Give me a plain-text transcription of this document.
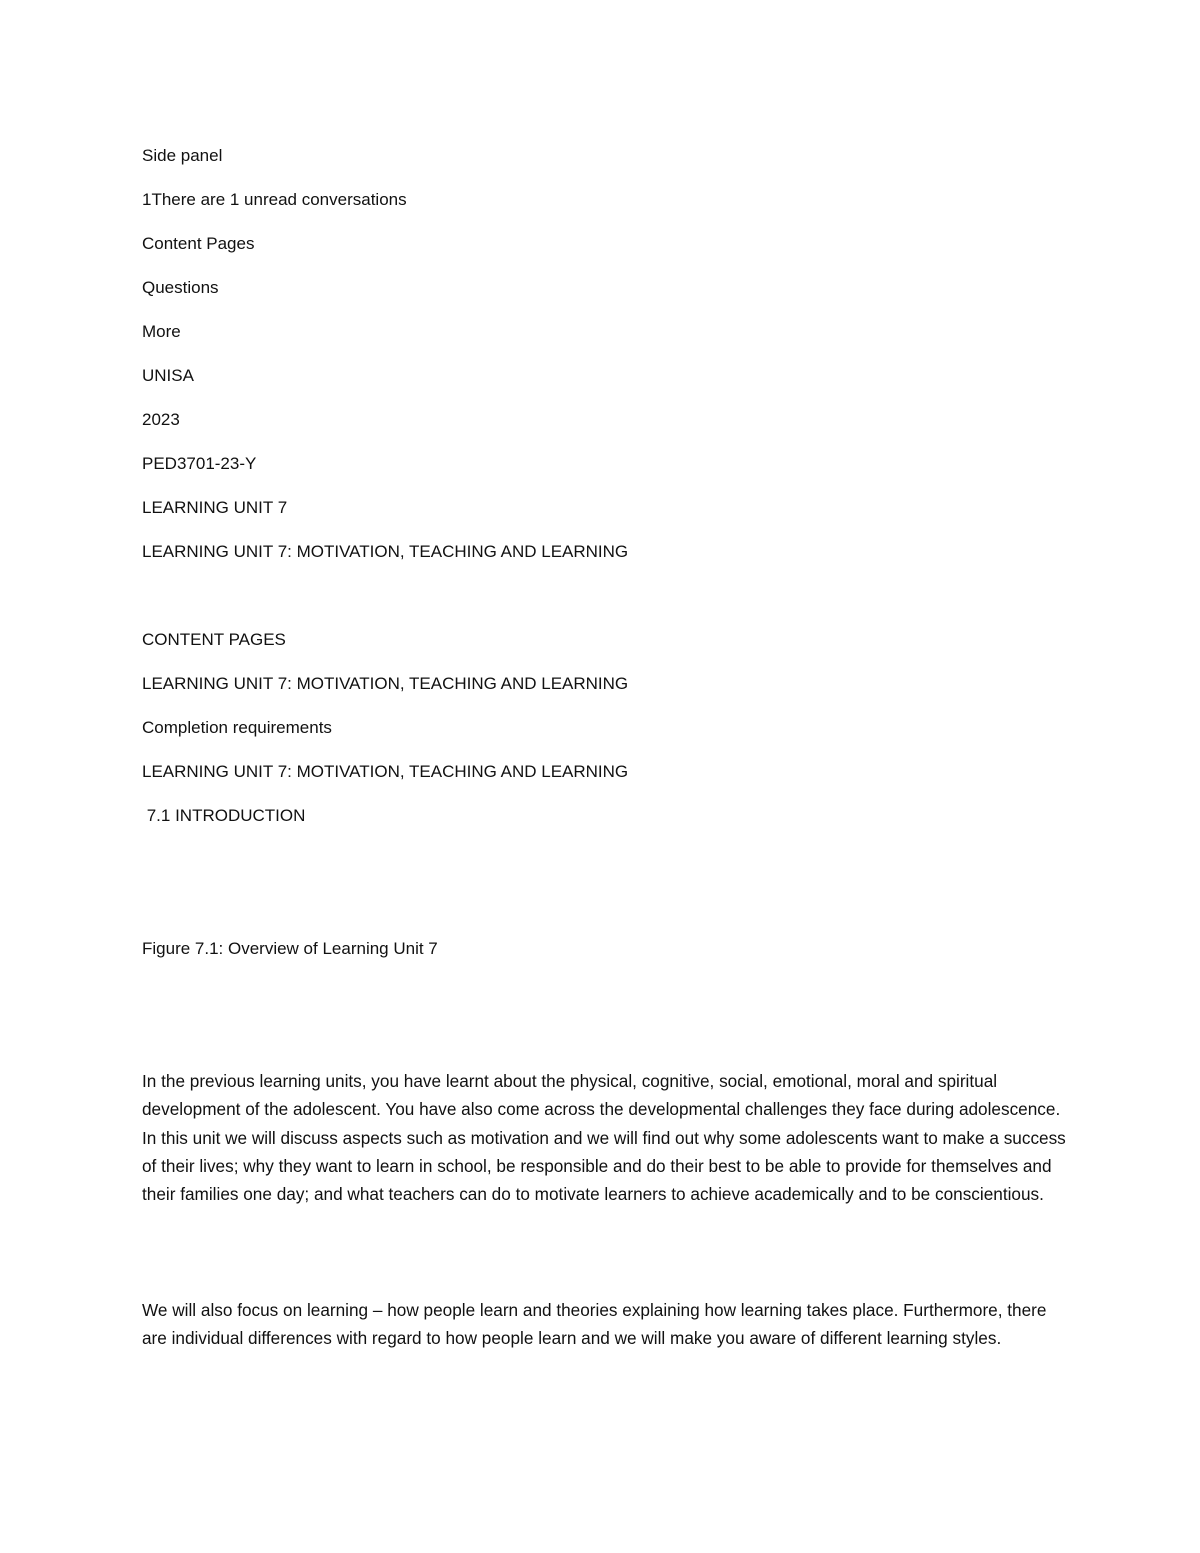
Side panel
1There are 1 unread conversations
Content Pages
Questions
More
UNISA
2023
PED3701-23-Y
LEARNING UNIT 7
LEARNING UNIT 7: MOTIVATION, TEACHING AND LEARNING
CONTENT PAGES
LEARNING UNIT 7: MOTIVATION, TEACHING AND LEARNING
Completion requirements
LEARNING UNIT 7: MOTIVATION, TEACHING AND LEARNING
7.1 INTRODUCTION
Figure 7.1: Overview of Learning Unit 7

In the previous learning units, you have learnt about the physical, cognitive, social, emotional, moral and spiritual development of the adolescent. You have also come across the developmental challenges they face during adolescence. In this unit we will discuss aspects such as motivation and we will find out why some adolescents want to make a success of their lives; why they want to learn in school, be responsible and do their best to be able to provide for themselves and their families one day; and what teachers can do to motivate learners to achieve academically and to be conscientious.

We will also focus on learning – how people learn and theories explaining how learning takes place. Furthermore, there are individual differences with regard to how people learn and we will make you aware of different learning styles.
